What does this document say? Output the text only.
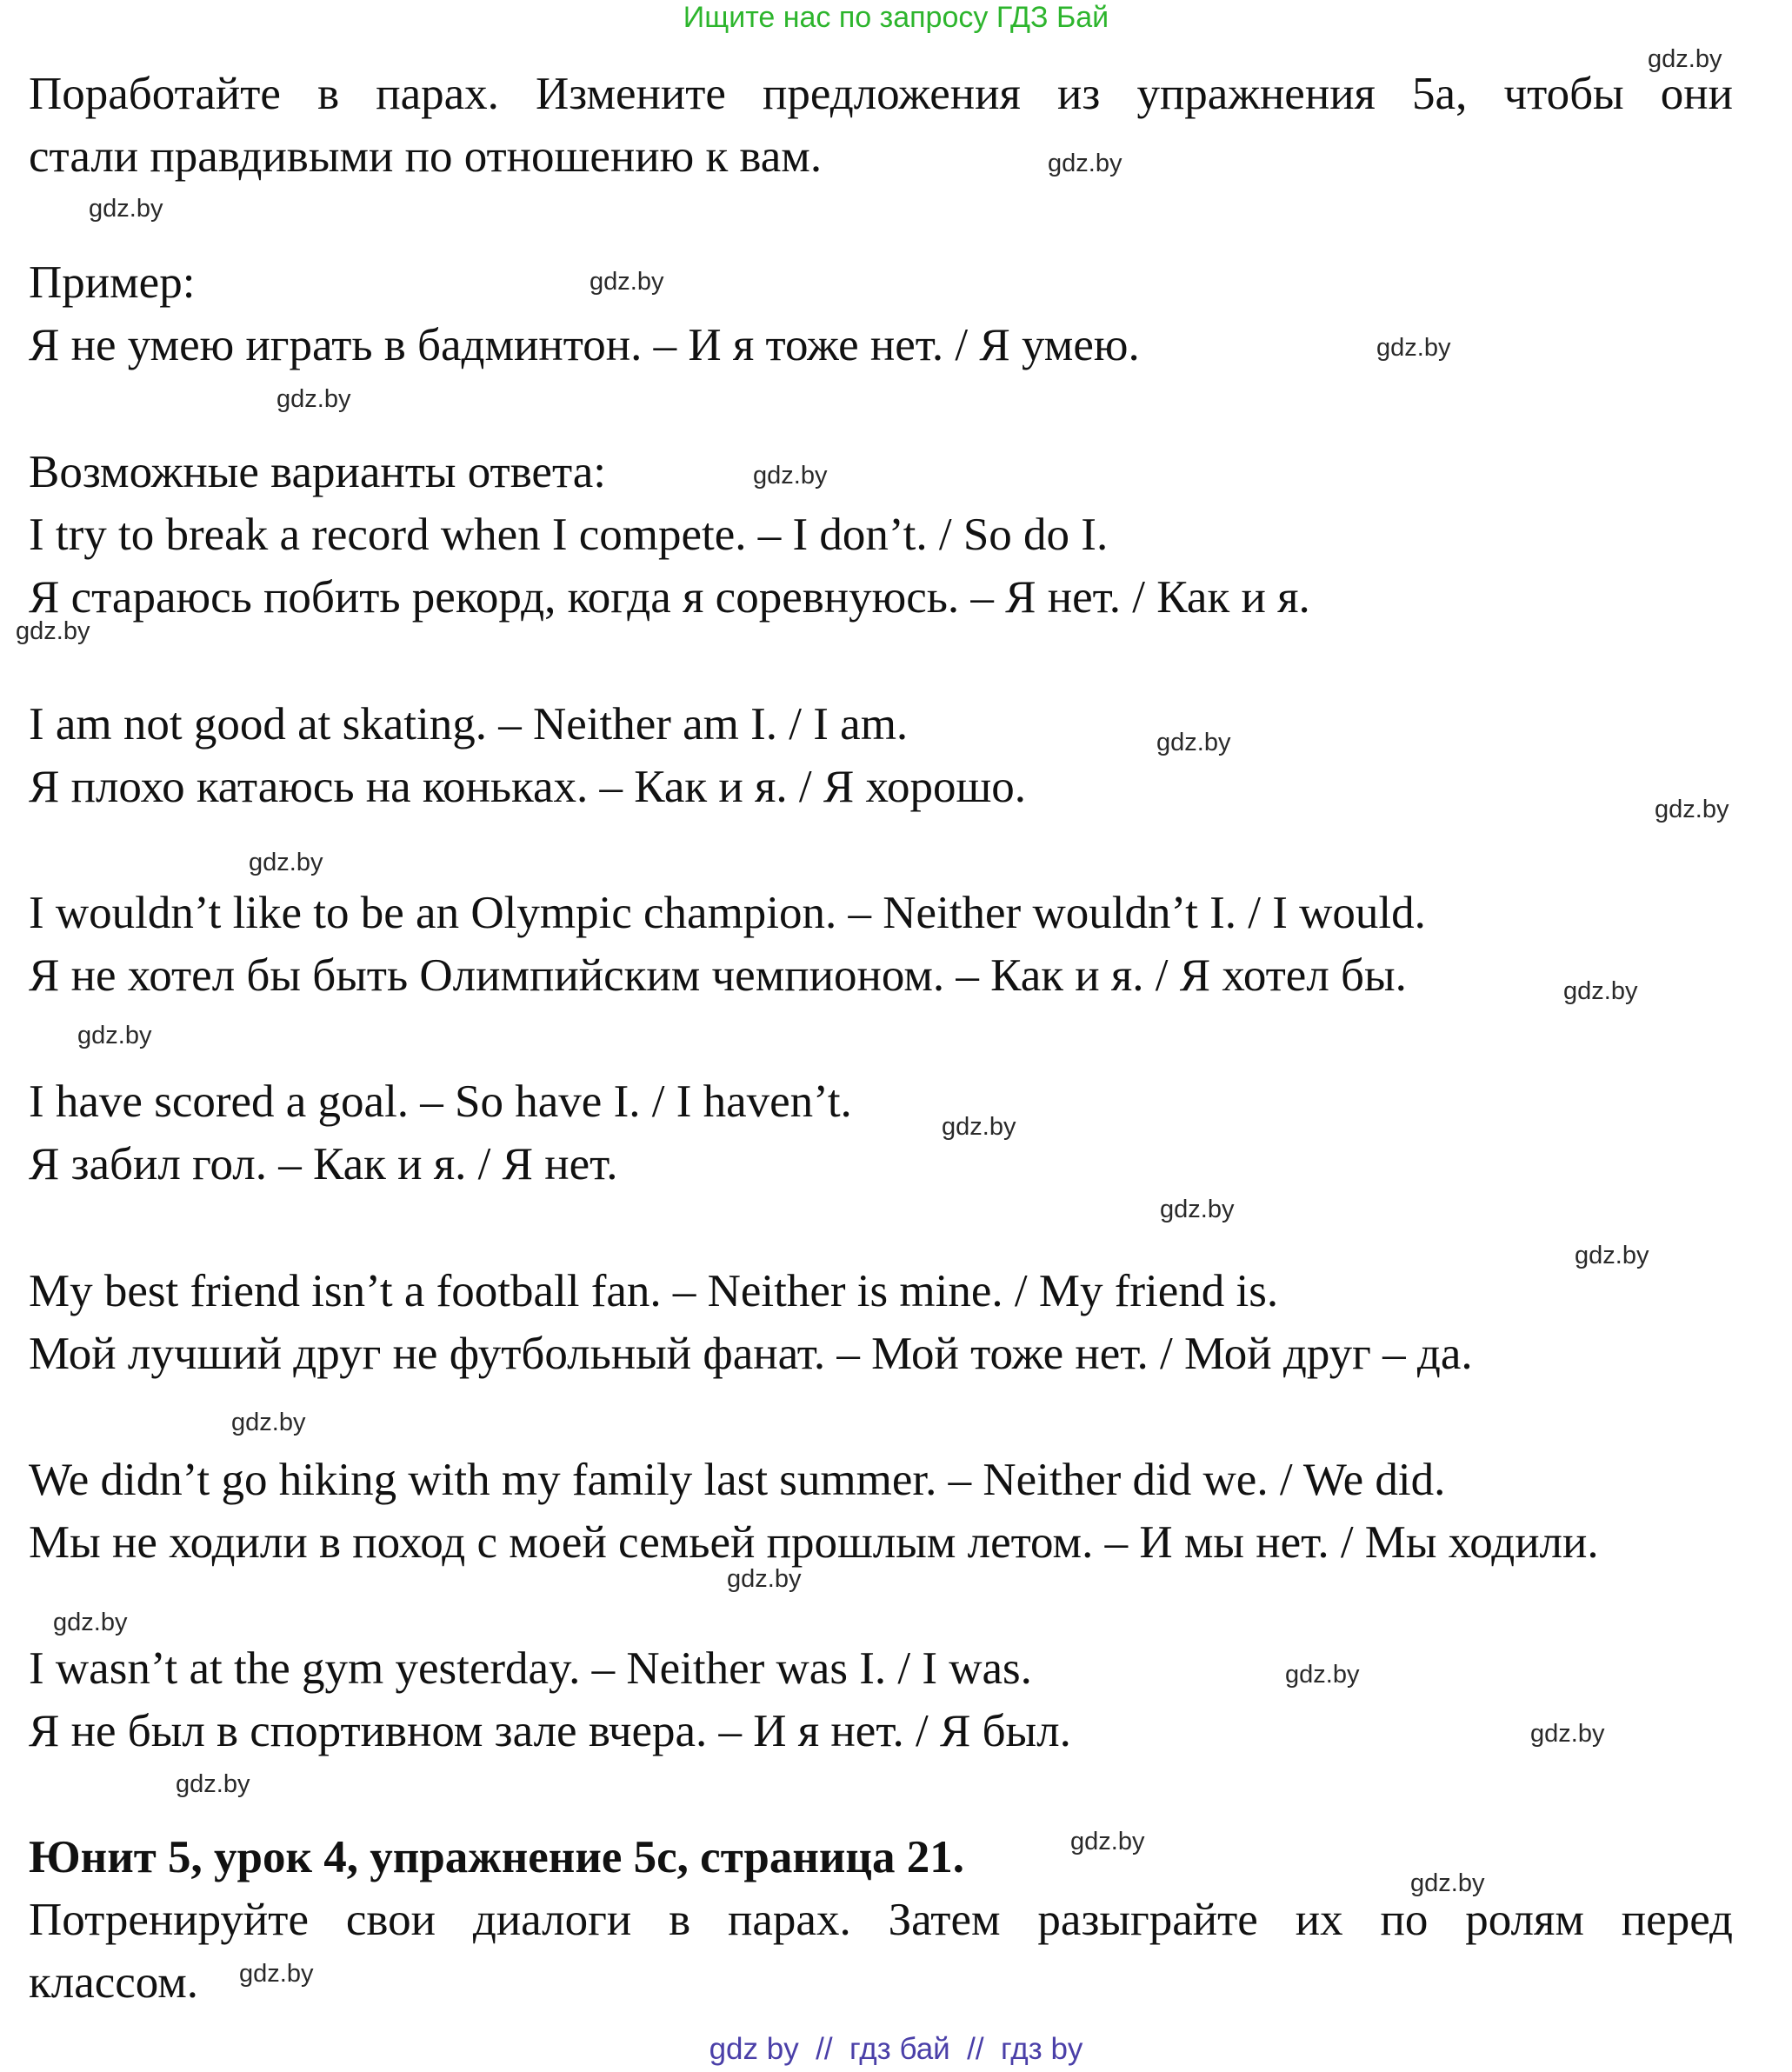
Ищите нас по запросу ГДЗ Бай

Поработайте в парах. Измените предложения из упражнения 5а, чтобы они

стали правдивыми по отношению к вам.

Пример:

Я не умею играть в бадминтон. – И я тоже нет. / Я умею.

Возможные варианты ответа:

I try to break a record when I compete. – I don’t. / So do I.

Я стараюсь побить рекорд, когда я соревнуюсь. – Я нет. / Как и я.

I am not good at skating. – Neither am I. / I am.

Я плохо катаюсь на коньках. – Как и я. / Я хорошо.

I wouldn’t like to be an Olympic champion. – Neither wouldn’t I. / I would.

Я не хотел бы быть Олимпийским чемпионом. – Как и я. / Я хотел бы.

I have scored a goal. – So have I. / I haven’t.

Я забил гол. – Как и я. / Я нет.

My best friend isn’t a football fan. – Neither is mine. / My friend is.

Мой лучший друг не футбольный фанат. – Мой тоже нет. / Мой друг – да.

We didn’t go hiking with my family last summer. – Neither did we. / We did.

Мы не ходили в поход с моей семьей прошлым летом. – И мы нет. / Мы ходили.

I wasn’t at the gym yesterday. – Neither was I. / I was.

Я не был в спортивном зале вчера. – И я нет. / Я был.

Юнит 5, урок 4, упражнение 5с, страница 21.

Потренируйте свои диалоги в парах. Затем разыграйте их по ролям перед

классом.

gdz.by
gdz.by
gdz.by
gdz.by
gdz.by
gdz.by
gdz.by
gdz.by
gdz.by
gdz.by
gdz.by
gdz.by
gdz.by
gdz.by
gdz.by
gdz.by
gdz.by
gdz.by
gdz.by
gdz.by
gdz.by
gdz.by
gdz.by
gdz.by
gdz.by
gdz by  //  гдз бай  //  гдз by
